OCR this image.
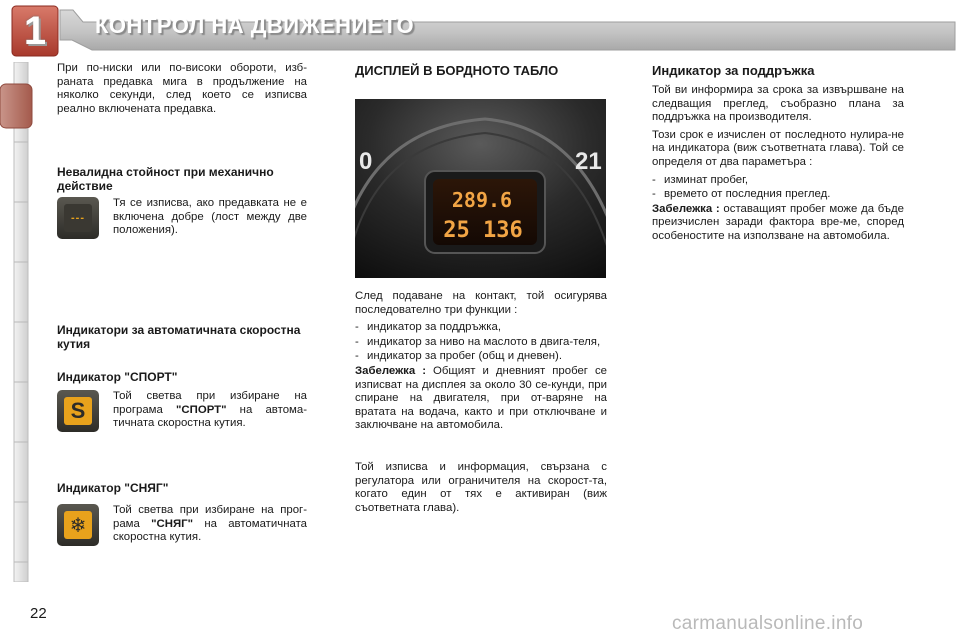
1	КОНТРОЛ НА ДВИЖЕНИЕТО

При по-ниски или по-високи обороти, изб-раната предавка мига в продължение на няколко секунди, след което се изписва реално включената предавка.

Невалидна стойност при механично действие
---
Тя се изписва, ако предавката не е включена добре (лост между две положения).
Индикатори за автоматичната скоростна кутия
Индикатор "СПОРТ"
S
Той светва при избиране на програма "СПОРТ" на автома-тичната скоростна кутия.
Индикатор "СНЯГ"
❄
Той светва при избиране на прог-рама "СНЯГ" на автоматичната скоростна кутия.
ДИСПЛЕЙ В БОРДНОТО ТАБЛО
0	21
289.6
25 136

След подаване на контакт, той осигурява последователно три функции :

- индикатор за поддръжка,
- индикатор за ниво на маслото в двига-теля,
- индикатор за пробег (общ и дневен).

Забележка : Общият и дневният пробег се изписват на дисплея за около 30 се-кунди, при спиране на двигателя, при от-варяне на вратата на водача, както и при отключване и заключване на автомобила.

Той изписва и информация, свързана с регулатора или ограничителя на скорост-та, когато един от тях е активиран (виж съответната глава).
Индикатор за поддръжка

Той ви информира за срока за извършване на следващия преглед, съобразно плана за поддръжка на производителя.

Този срок е изчислен от последното нулира-не на индикатора (виж съответната глава). Той се определя от два параметъра :

- изминат пробег,
- времето от последния преглед.

Забележка : оставащият пробег може да бъде преизчислен заради фактора вре-ме, според особеностите на използване на автомобила.

22	carmanualsonline.info
